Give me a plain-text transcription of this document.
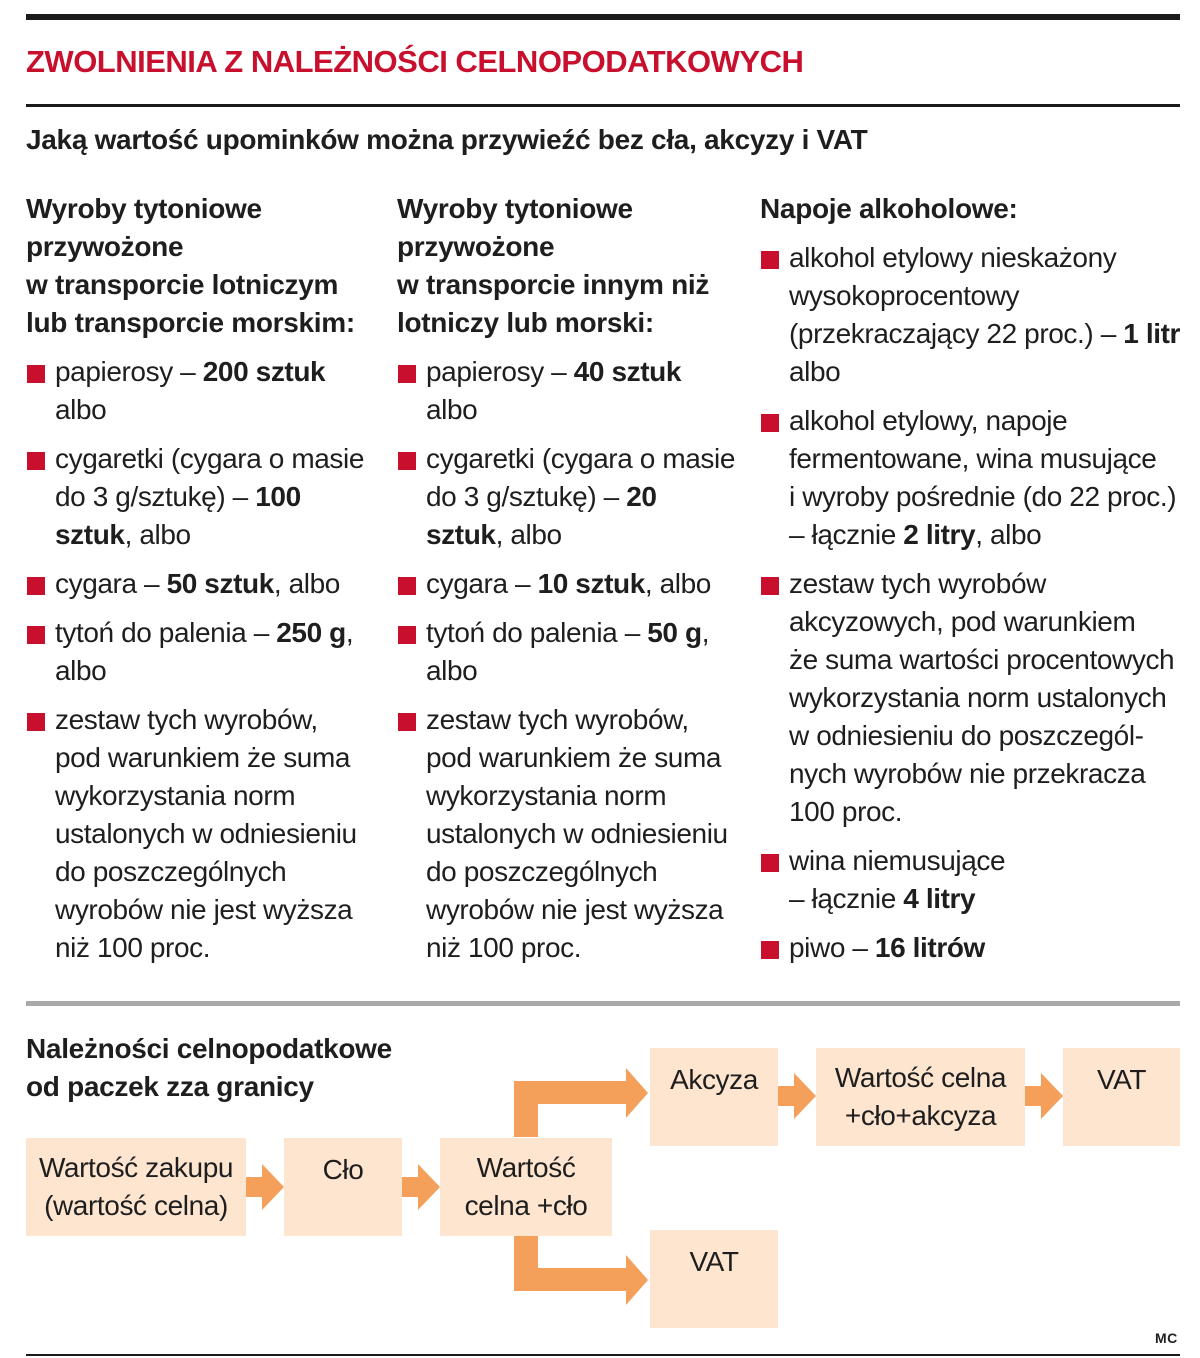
ZWOLNIENIA Z NALEŻNOŚCI CELNOPODATKOWYCH
Jaką wartość upominków można przywieźć bez cła, akcyzy i VAT
Wyroby tytoniowe
przywożone
w transporcie lotniczym
lub transporcie morskim:
papierosy – 200 sztuk
albo
cygaretki (cygara o masie
do 3 g/sztukę) – 100
sztuk, albo
cygara – 50 sztuk, albo
tytoń do palenia – 250 g,
albo
zestaw tych wyrobów,
pod warunkiem że suma
wykorzystania norm
ustalonych w odniesieniu
do poszczególnych
wyrobów nie jest wyższa
niż 100 proc.
Wyroby tytoniowe
przywożone
w transporcie innym niż
lotniczy lub morski:
papierosy – 40 sztuk
albo
cygaretki (cygara o masie
do 3 g/sztukę) – 20
sztuk, albo
cygara – 10 sztuk, albo
tytoń do palenia – 50 g,
albo
zestaw tych wyrobów,
pod warunkiem że suma
wykorzystania norm
ustalonych w odniesieniu
do poszczególnych
wyrobów nie jest wyższa
niż 100 proc.
Napoje alkoholowe:
alkohol etylowy nieskażony
wysokoprocentowy
(przekraczający 22 proc.) – 1 litr
albo
alkohol etylowy, napoje
fermentowane, wina musujące
i wyroby pośrednie (do 22 proc.)
– łącznie 2 litry, albo
zestaw tych wyrobów
akcyzowych, pod warunkiem
że suma wartości procentowych
wykorzystania norm ustalonych
w odniesieniu do poszczegól-
nych wyrobów nie przekracza
100 proc.
wina niemusujące
– łącznie 4 litry
piwo – 16 litrów
Należności celnopodatkowe
od paczek zza granicy
Wartość zakupu
(wartość celna)
Cło	Wartość
celna +cło
Akcyza	Wartość celna
+cło+akcyza
VAT
VAT
MC
